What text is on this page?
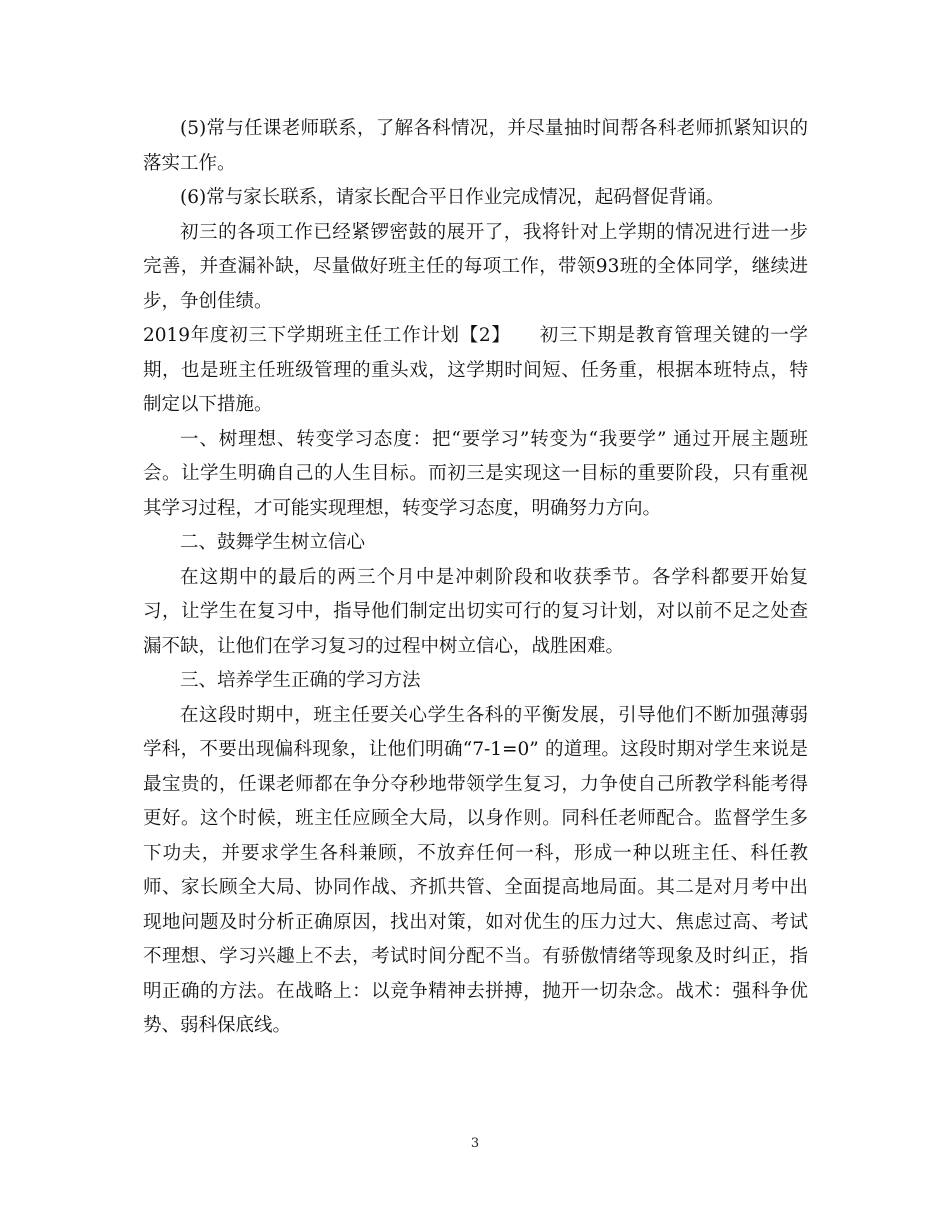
(5)常与任课老师联系，了解各科情况，并尽量抽时间帮各科老师抓紧知识的落实工作。

(6)常与家长联系，请家长配合平日作业完成情况，起码督促背诵。

初三的各项工作已经紧锣密鼓的展开了，我将针对上学期的情况进行进一步完善，并查漏补缺，尽量做好班主任的每项工作，带领93班的全体同学，继续进步，争创佳绩。

2019年度初三下学期班主任工作计划【2】　　初三下期是教育管理关键的一学期，也是班主任班级管理的重头戏，这学期时间短、任务重，根据本班特点，特制定以下措施。

一、树理想、转变学习态度：把“要学习”转变为“我要学” 通过开展主题班会。让学生明确自己的人生目标。而初三是实现这一目标的重要阶段，只有重视其学习过程，才可能实现理想，转变学习态度，明确努力方向。

二、鼓舞学生树立信心

在这期中的最后的两三个月中是冲刺阶段和收获季节。各学科都要开始复习，让学生在复习中，指导他们制定出切实可行的复习计划，对以前不足之处查漏不缺，让他们在学习复习的过程中树立信心，战胜困难。

三、培养学生正确的学习方法

在这段时期中，班主任要关心学生各科的平衡发展，引导他们不断加强薄弱学科，不要出现偏科现象，让他们明确“7-1=0” 的道理。这段时期对学生来说是最宝贵的，任课老师都在争分夺秒地带领学生复习，力争使自己所教学科能考得更好。这个时候，班主任应顾全大局，以身作则。同科任老师配合。监督学生多下功夫，并要求学生各科兼顾，不放弃任何一科，形成一种以班主任、科任教师、家长顾全大局、协同作战、齐抓共管、全面提高地局面。其二是对月考中出现地问题及时分析正确原因，找出对策，如对优生的压力过大、焦虑过高、考试不理想、学习兴趣上不去，考试时间分配不当。有骄傲情绪等现象及时纠正，指明正确的方法。在战略上：以竞争精神去拼搏，抛开一切杂念。战术：强科争优势、弱科保底线。

3
